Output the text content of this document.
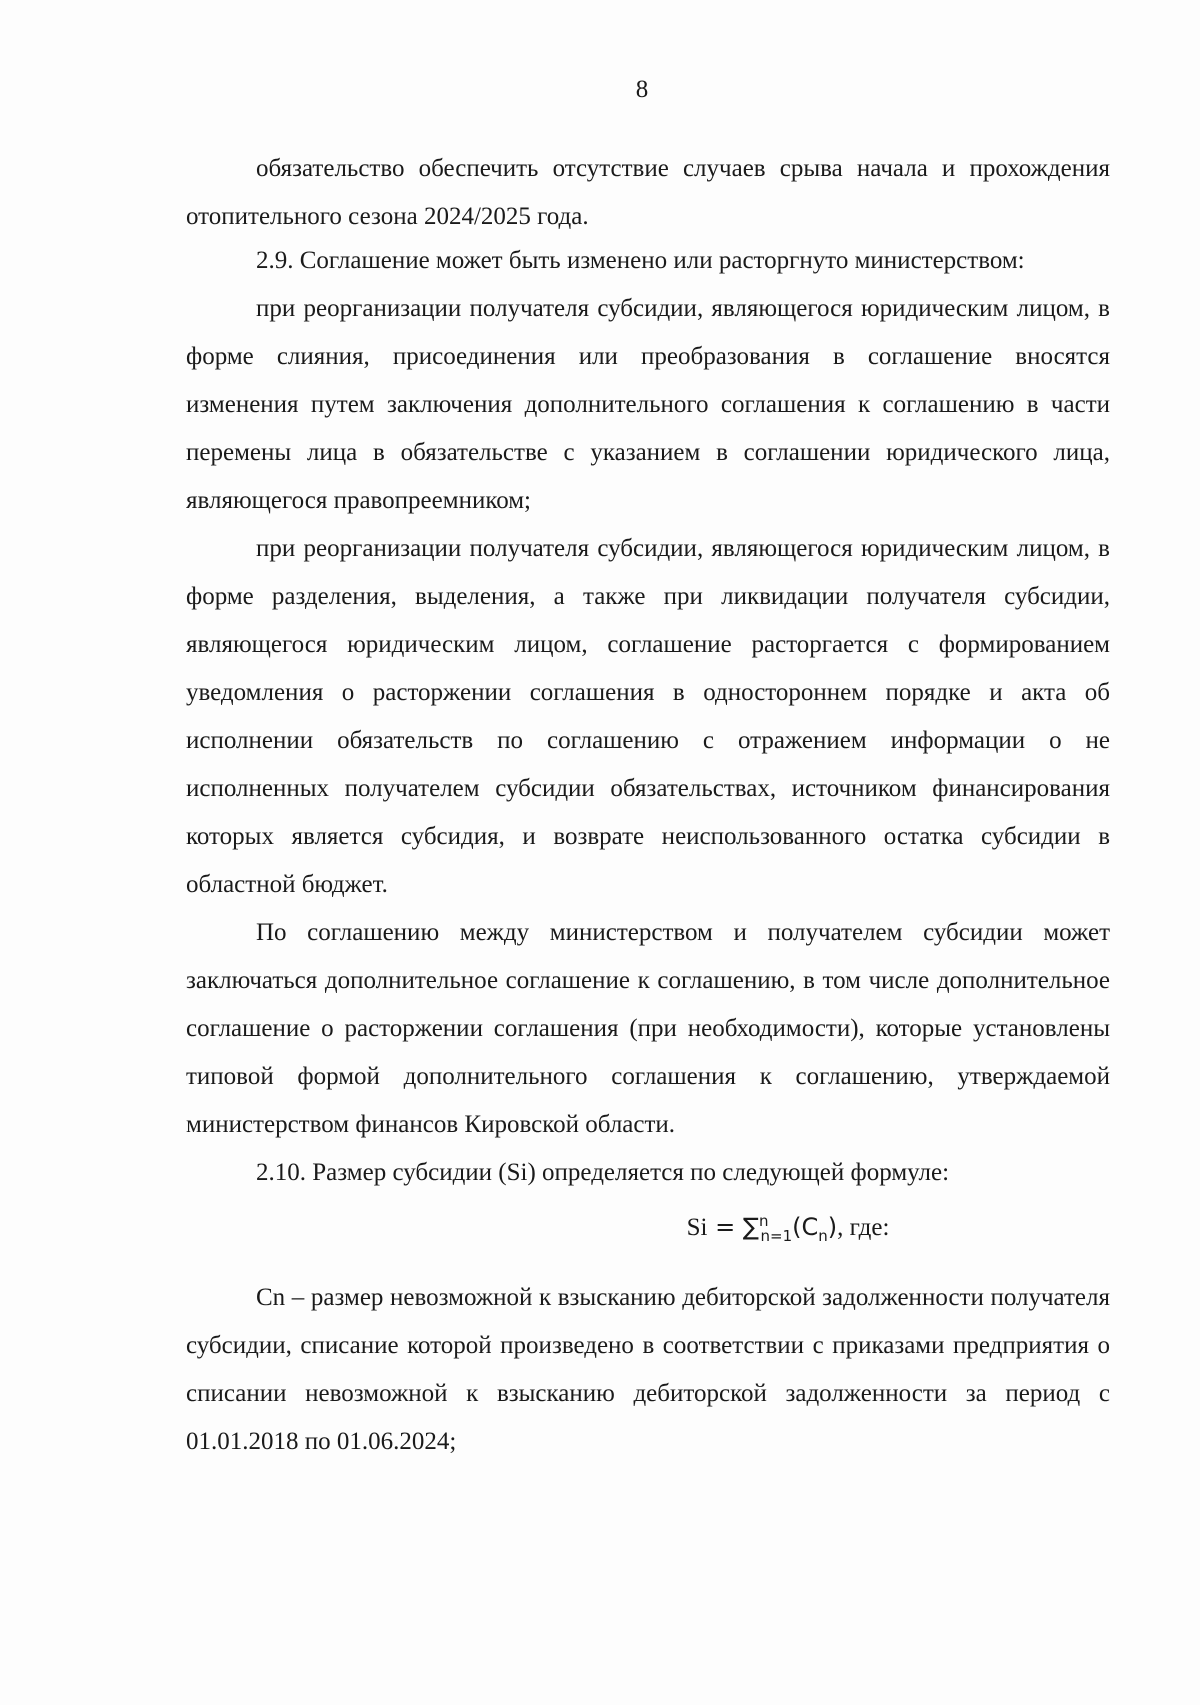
8

обязательство обеспечить отсутствие случаев срыва начала и прохождения отопительного сезона 2024/2025 года.

2.9. Соглашение может быть изменено или расторгнуто министерством:

при реорганизации получателя субсидии, являющегося юридическим лицом, в форме слияния, присоединения или преобразования в соглашение вносятся изменения путем заключения дополнительного соглашения к соглашению в части перемены лица в обязательстве с указанием в соглашении юридического лица, являющегося правопреемником;

при реорганизации получателя субсидии, являющегося юридическим лицом, в форме разделения, выделения, а также при ликвидации получателя субсидии, являющегося юридическим лицом, соглашение расторгается с формированием уведомления о расторжении соглашения в одностороннем порядке и акта об исполнении обязательств по соглашению с отражением информации о не исполненных получателем субсидии обязательствах, источником финансирования которых является субсидия, и возврате неиспользованного остатка субсидии в областной бюджет.

По соглашению между министерством и получателем субсидии может заключаться дополнительное соглашение к соглашению, в том числе дополнительное соглашение о расторжении соглашения (при необходимости), которые установлены типовой формой дополнительного соглашения к соглашению, утверждаемой министерством финансов Кировской области.

2.10. Размер субсидии (Si) определяется по следующей формуле:

$Si = \sum^n_{n=1}(C_n)$, где:

Cn – размер невозможной к взысканию дебиторской задолженности получателя субсидии, списание которой произведено в соответствии с приказами предприятия о списании невозможной к взысканию дебиторской задолженности за период с 01.01.2018 по 01.06.2024;
